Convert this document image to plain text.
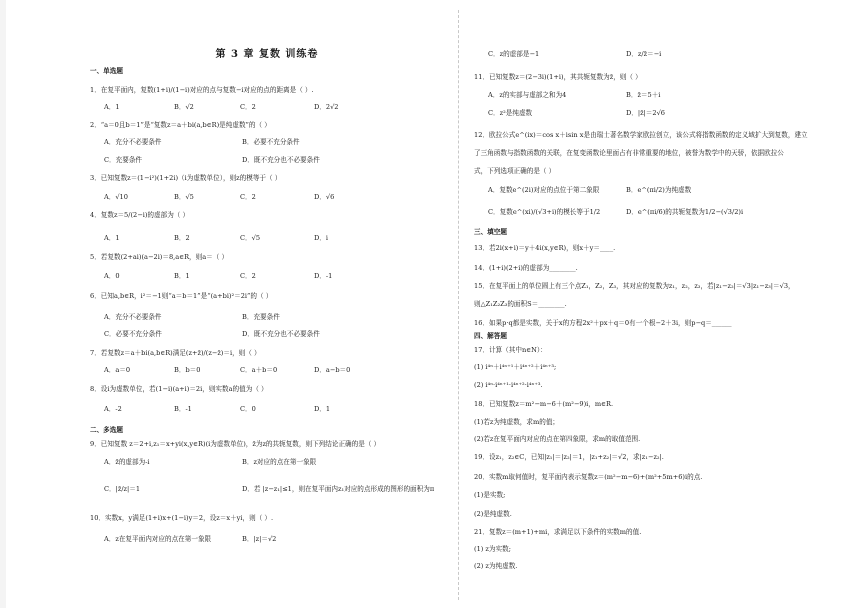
第 3 章 复数 训练卷
一、单选题
1．在复平面内，复数(1+i)/(1−i)对应的点与复数−i对应的点的距离是（ ）.
A．1	B．√2	C．2	D．2√2
2．“a＝0且b＝1”是“复数z＝a＋bi(a,b∈R)是纯虚数”的（ ）
A．充分不必要条件	B．必要不充分条件
C．充要条件	D．既不充分也不必要条件
3．已知复数z＝(1−i²)(1+2i)（i为虚数单位），则z的模等于（ ）
A．√10	B．√5	C．2	D．√6
4．复数z＝5/(2−i)的虚部为（ ）
A．1	B．2	C．√5	D．i
5．若复数(2+ai)(a−2i)＝8,a∈R，则a＝（ ）
A．0	B．1	C．2	D．-1
6．已知a,b∈R，i²＝−1则“a＝b＝1”是“(a+bi)²＝2i”的（ ）
A．充分不必要条件	B．充要条件
C．必要不充分条件	D．既不充分也不必要条件
7．若复数z＝a＋bi(a,b∈R)满足(z+z̄)/(z−z̄)＝i，则（ ）
A．a＝0	B．b＝0	C．a＋b＝0	D．a−b＝0
8．设i为虚数单位，若(1−i)(a+i)＝2i，则实数a的值为（ ）
A．-2	B．-1	C．0	D．1
二、多选题
9．已知复数 z＝2+i,z₁＝x+yi(x,y∈R)(i为虚数单位)，z̄为z的共轭复数，则下列结论正确的是（ ）
A．z̄的虚部为-i	B．z对应的点在第一象限
C．|z̄/z|＝1	D．若 |z−z₁|≤1，则在复平面内z₁对应的点形成的图形的面积为π
10．实数x，y满足(1+i)x+(1−i)y＝2，设z＝x＋yi，则（ ）.
A．z在复平面内对应的点在第一象限	B．|z|＝√2
C．z的虚部是−1	D．z/z̄＝−i
11．已知复数z＝(2−3i)(1+i)，其共轭复数为z̄，则（ ）
A．z的实部与虚部之和为4	B．z̄＝5＋i
C．z²是纯虚数	D．|z̄|＝2√6
12．欧拉公式e^(ix)＝cos x＋isin x是由瑞士著名数学家欧拉创立，该公式将指数函数的定义域扩大到复数，建立
了三角函数与指数函数的关联，在复变函数论里面占有非常重要的地位，被誉为数学中的天骄，依据欧拉公
式，下列选项正确的是（ ）
A．复数e^(2i)对应的点位于第二象限	B．e^(πi/2)为纯虚数
C．复数e^(xi)/(√3+i)的模长等于1/2	D．e^(πi/6)的共轭复数为1/2−(√3/2)i
三、填空题
13．若2i(x+i)＝y＋4i(x,y∈R)，则x＋y＝____.
14．(1+i)(2+i)的虚部为________.
15．在复平面上的单位圆上有三个点Z₁，Z₂，Z₃，其对应的复数为z₁，z₂，z₃，若|z₁−z₂|＝√3|z₁−z₃|＝√3，
则△Z₁Z₂Z₃的面积S＝________.
16．如果p·q都是实数，关于x的方程2x²＋px＋q＝0有一个根−2＋3i，则p−q＝______
四、解答题
17．计算（其中n∈N）：
(1) i⁴ⁿ＋i⁴ⁿ⁺¹＋i⁴ⁿ⁺²＋i⁴ⁿ⁺³;
(2) i⁴ⁿ·i⁴ⁿ⁺¹·i⁴ⁿ⁺²·i⁴ⁿ⁺³.
18．已知复数z＝m²−m−6＋(m²−9)i，m∈R.
(1)若z为纯虚数，求m的值；
(2)若z在复平面内对应的点在第四象限，求m的取值范围.
19．设z₁，z₂∈C，已知|z₁|＝|z₂|＝1，|z₁+z₂|＝√2，求|z₁−z₂|.
20．实数m取何值时，复平面内表示复数z＝(m²−m−6)+(m²+5m+6)i的点.
(1)是实数;
(2)是纯虚数.
21．复数z＝(m+1)+mi，求满足以下条件的实数m的值.
(1) z为实数;
(2) z为纯虚数.
